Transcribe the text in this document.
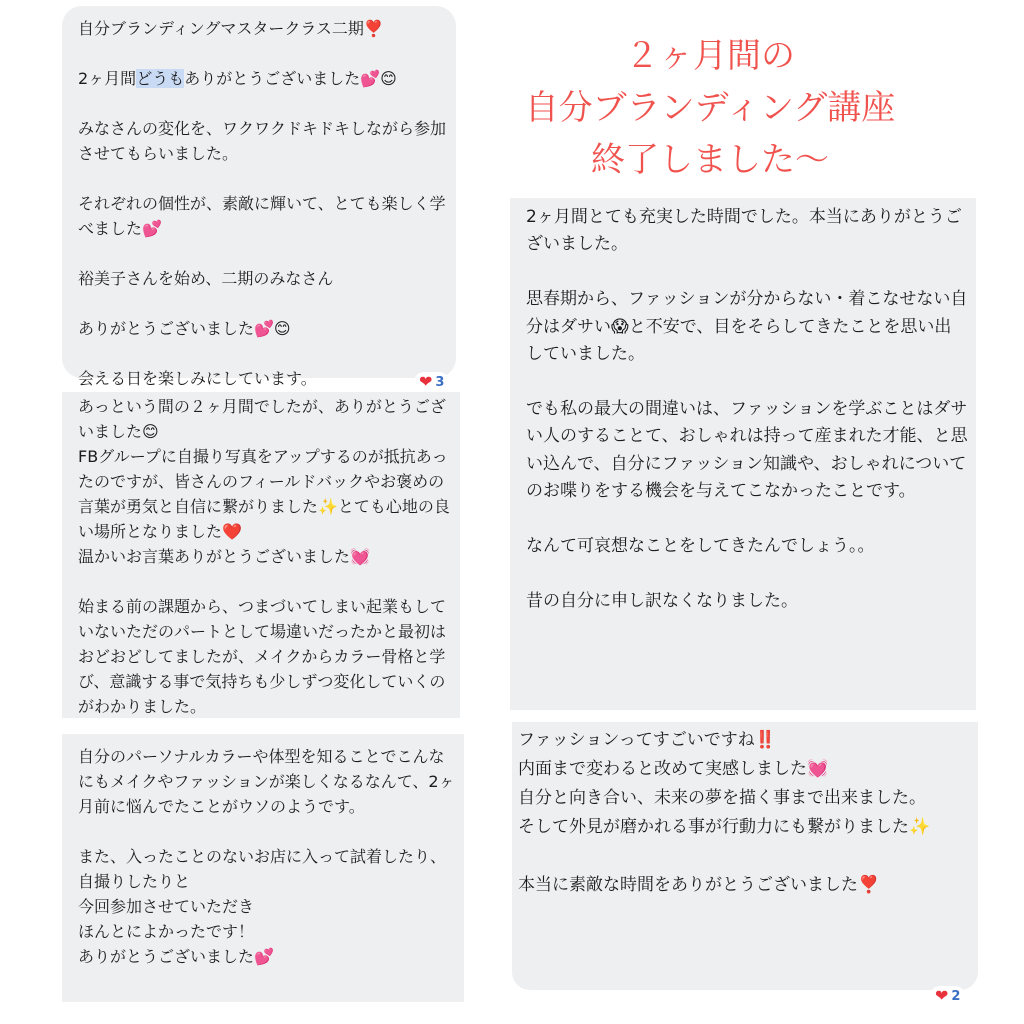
２ヶ月間の
自分ブランディング講座
終了しました〜
自分ブランディングマスタークラス二期❣️

2ヶ月間どうもありがとうございました💕😊

みなさんの変化を、ワクワクドキドキしながら参加させてもらいました。

それぞれの個性が、素敵に輝いて、とても楽しく学べました💕

裕美子さんを始め、二期のみなさん

ありがとうございました💕😊

会える日を楽しみにしています。	❤ 3
あっという間の２ヶ月間でしたが、ありがとうございました😊
FBグループに自撮り写真をアップするのが抵抗あったのですが、皆さんのフィールドバックやお褒めの言葉が勇気と自信に繋がりました✨とても心地の良い場所となりました❤️
温かいお言葉ありがとうございました💓

始まる前の課題から、つまづいてしまい起業もしていないただのパートとして場違いだったかと最初はおどおどしてましたが、メイクからカラー骨格と学び、意識する事で気持ちも少しずつ変化していくのがわかりました。
自分のパーソナルカラーや体型を知ることでこんなにもメイクやファッションが楽しくなるなんて、2ヶ月前に悩んでたことがウソのようです。

また、入ったことのないお店に入って試着したり、自撮りしたりと
今回参加させていただき
ほんとによかったです！
ありがとうございました💕
2ヶ月間とても充実した時間でした。本当にありがとうございました。

思春期から、ファッションが分からない・着こなせない自分はダサい😱と不安で、目をそらしてきたことを思い出していました。

でも私の最大の間違いは、ファッションを学ぶことはダサい人のすることて、おしゃれは持って産まれた才能、と思い込んで、自分にファッション知識や、おしゃれについてのお喋りをする機会を与えてこなかったことです。

なんて可哀想なことをしてきたんでしょう。。

昔の自分に申し訳なくなりました。
ファッションってすごいですね‼️
内面まで変わると改めて実感しました💓
自分と向き合い、未来の夢を描く事まで出来ました。
そして外見が磨かれる事が行動力にも繋がりました✨

本当に素敵な時間をありがとうございました❣️
❤ 2
